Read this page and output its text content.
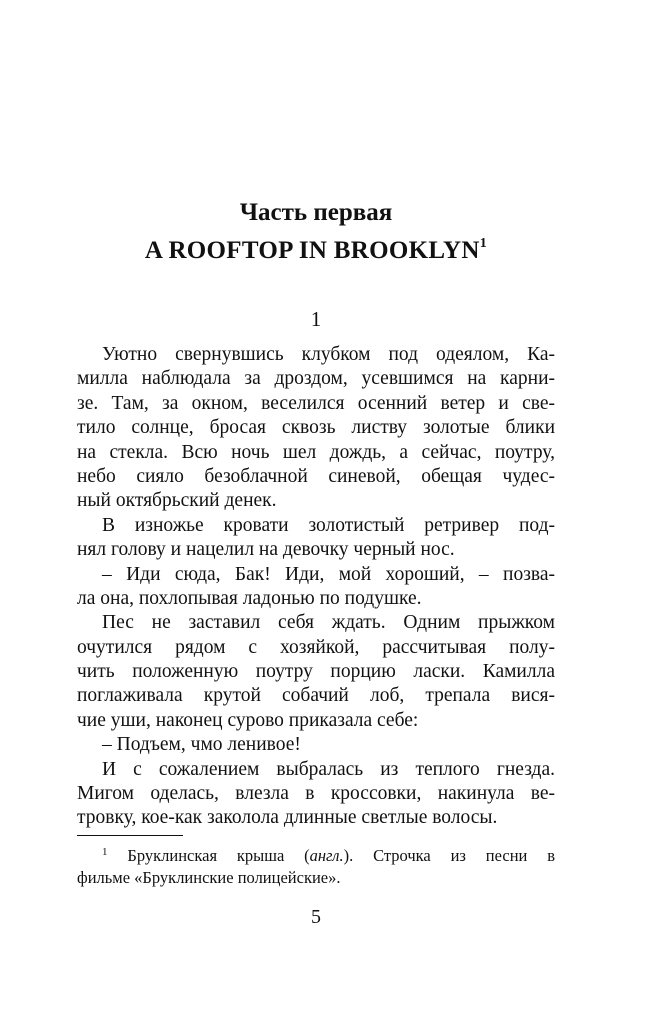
Часть первая
A ROOFTOP IN BROOKLYN$^1$
1
Уютно свернувшись клубком под одеялом, Ка-
милла наблюдала за дроздом, усевшимся на карни-
зе. Там, за окном, веселился осенний ветер и све-
тило солнце, бросая сквозь листву золотые блики
на стекла. Всю ночь шел дождь, а сейчас, поутру,
небо сияло безоблачной синевой, обещая чудес-
ный октябрьский денек.
В изножье кровати золотистый ретривер под-
нял голову и нацелил на девочку черный нос.
– Иди сюда, Бак! Иди, мой хороший, – позва-
ла она, похлопывая ладонью по подушке.
Пес не заставил себя ждать. Одним прыжком
очутился рядом с хозяйкой, рассчитывая полу-
чить положенную поутру порцию ласки. Камилла
поглаживала крутой собачий лоб, трепала вися-
чие уши, наконец сурово приказала себе:
– Подъем, чмо ленивое!
И с сожалением выбралась из теплого гнезда.
Мигом оделась, влезла в кроссовки, накинула ве-
тровку, кое-как заколола длинные светлые волосы.
$^1$ Бруклинская крыша (англ.). Строчка из песни в
фильме «Бруклинские полицейские».
5
